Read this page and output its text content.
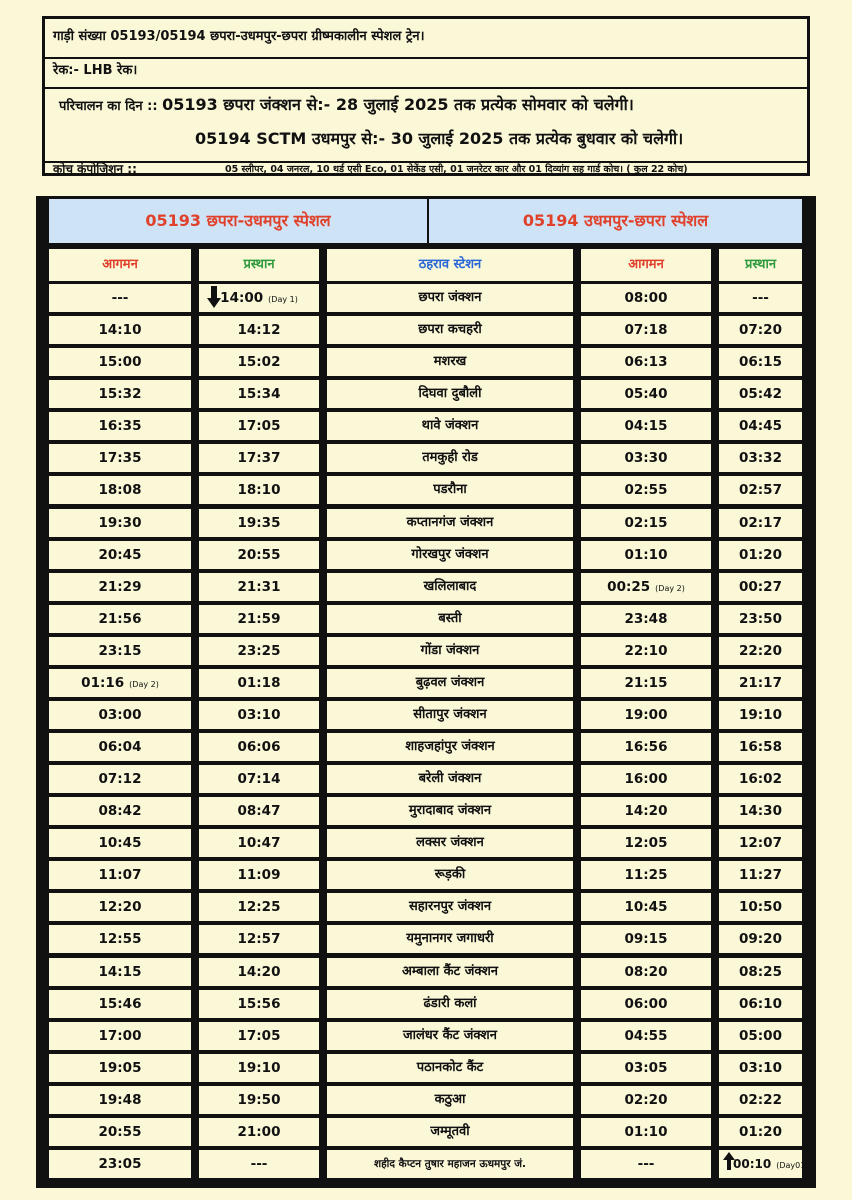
गाड़ी संख्या 05193/05194 छपरा-उधमपुर-छपरा ग्रीष्मकालीन स्पेशल ट्रेन।
रेक:- LHB रेक।
परिचालन का दिन :: 05193 छपरा जंक्शन से:- 28 जुलाई 2025 तक प्रत्येक सोमवार को चलेगी।
05194 SCTM उधमपुर से:- 30 जुलाई 2025 तक प्रत्येक बुधवार को चलेगी।
कोच कंपोजिशन ::	05 स्लीपर, 04 जनरल, 10 थर्ड एसी Eco, 01 सेकेंड एसी, 01 जनरेटर कार और 01 दिव्यांग सह गार्ड कोच। ( कुल 22 कोच)
05193 छपरा-उधमपुर स्पेशल	05194 उधमपुर-छपरा स्पेशल
आगमन	प्रस्थान	ठहराव स्टेशन	आगमन	प्रस्थान
---	14:00 (Day 1)	छपरा जंक्शन	08:00	---
14:10	14:12	छपरा कचहरी	07:18	07:20
15:00	15:02	मशरख	06:13	06:15
15:32	15:34	दिघवा दुबौली	05:40	05:42
16:35	17:05	थावे जंक्शन	04:15	04:45
17:35	17:37	तमकुही रोड	03:30	03:32
18:08	18:10	पडरौना	02:55	02:57
19:30	19:35	कप्तानगंज जंक्शन	02:15	02:17
20:45	20:55	गोरखपुर जंक्शन	01:10	01:20
21:29	21:31	खलिलाबाद	00:25 (Day 2)	00:27
21:56	21:59	बस्ती	23:48	23:50
23:15	23:25	गोंडा जंक्शन	22:10	22:20
01:16 (Day 2)	01:18	बुढ़वल जंक्शन	21:15	21:17
03:00	03:10	सीतापुर जंक्शन	19:00	19:10
06:04	06:06	शाहजहांपुर जंक्शन	16:56	16:58
07:12	07:14	बरेली जंक्शन	16:00	16:02
08:42	08:47	मुरादाबाद जंक्शन	14:20	14:30
10:45	10:47	लक्सर जंक्शन	12:05	12:07
11:07	11:09	रूड़की	11:25	11:27
12:20	12:25	सहारनपुर जंक्शन	10:45	10:50
12:55	12:57	यमुनानगर जगाधरी	09:15	09:20
14:15	14:20	अम्बाला कैंट जंक्शन	08:20	08:25
15:46	15:56	ढंडारी कलां	06:00	06:10
17:00	17:05	जालंधर कैंट जंक्शन	04:55	05:00
19:05	19:10	पठानकोट कैंट	03:05	03:10
19:48	19:50	कठुआ	02:20	02:22
20:55	21:00	जम्मूतवी	01:10	01:20
23:05	---	शहीद कैप्टन तुषार महाजन ऊधमपुर जं.	---	00:10 (Day01)
